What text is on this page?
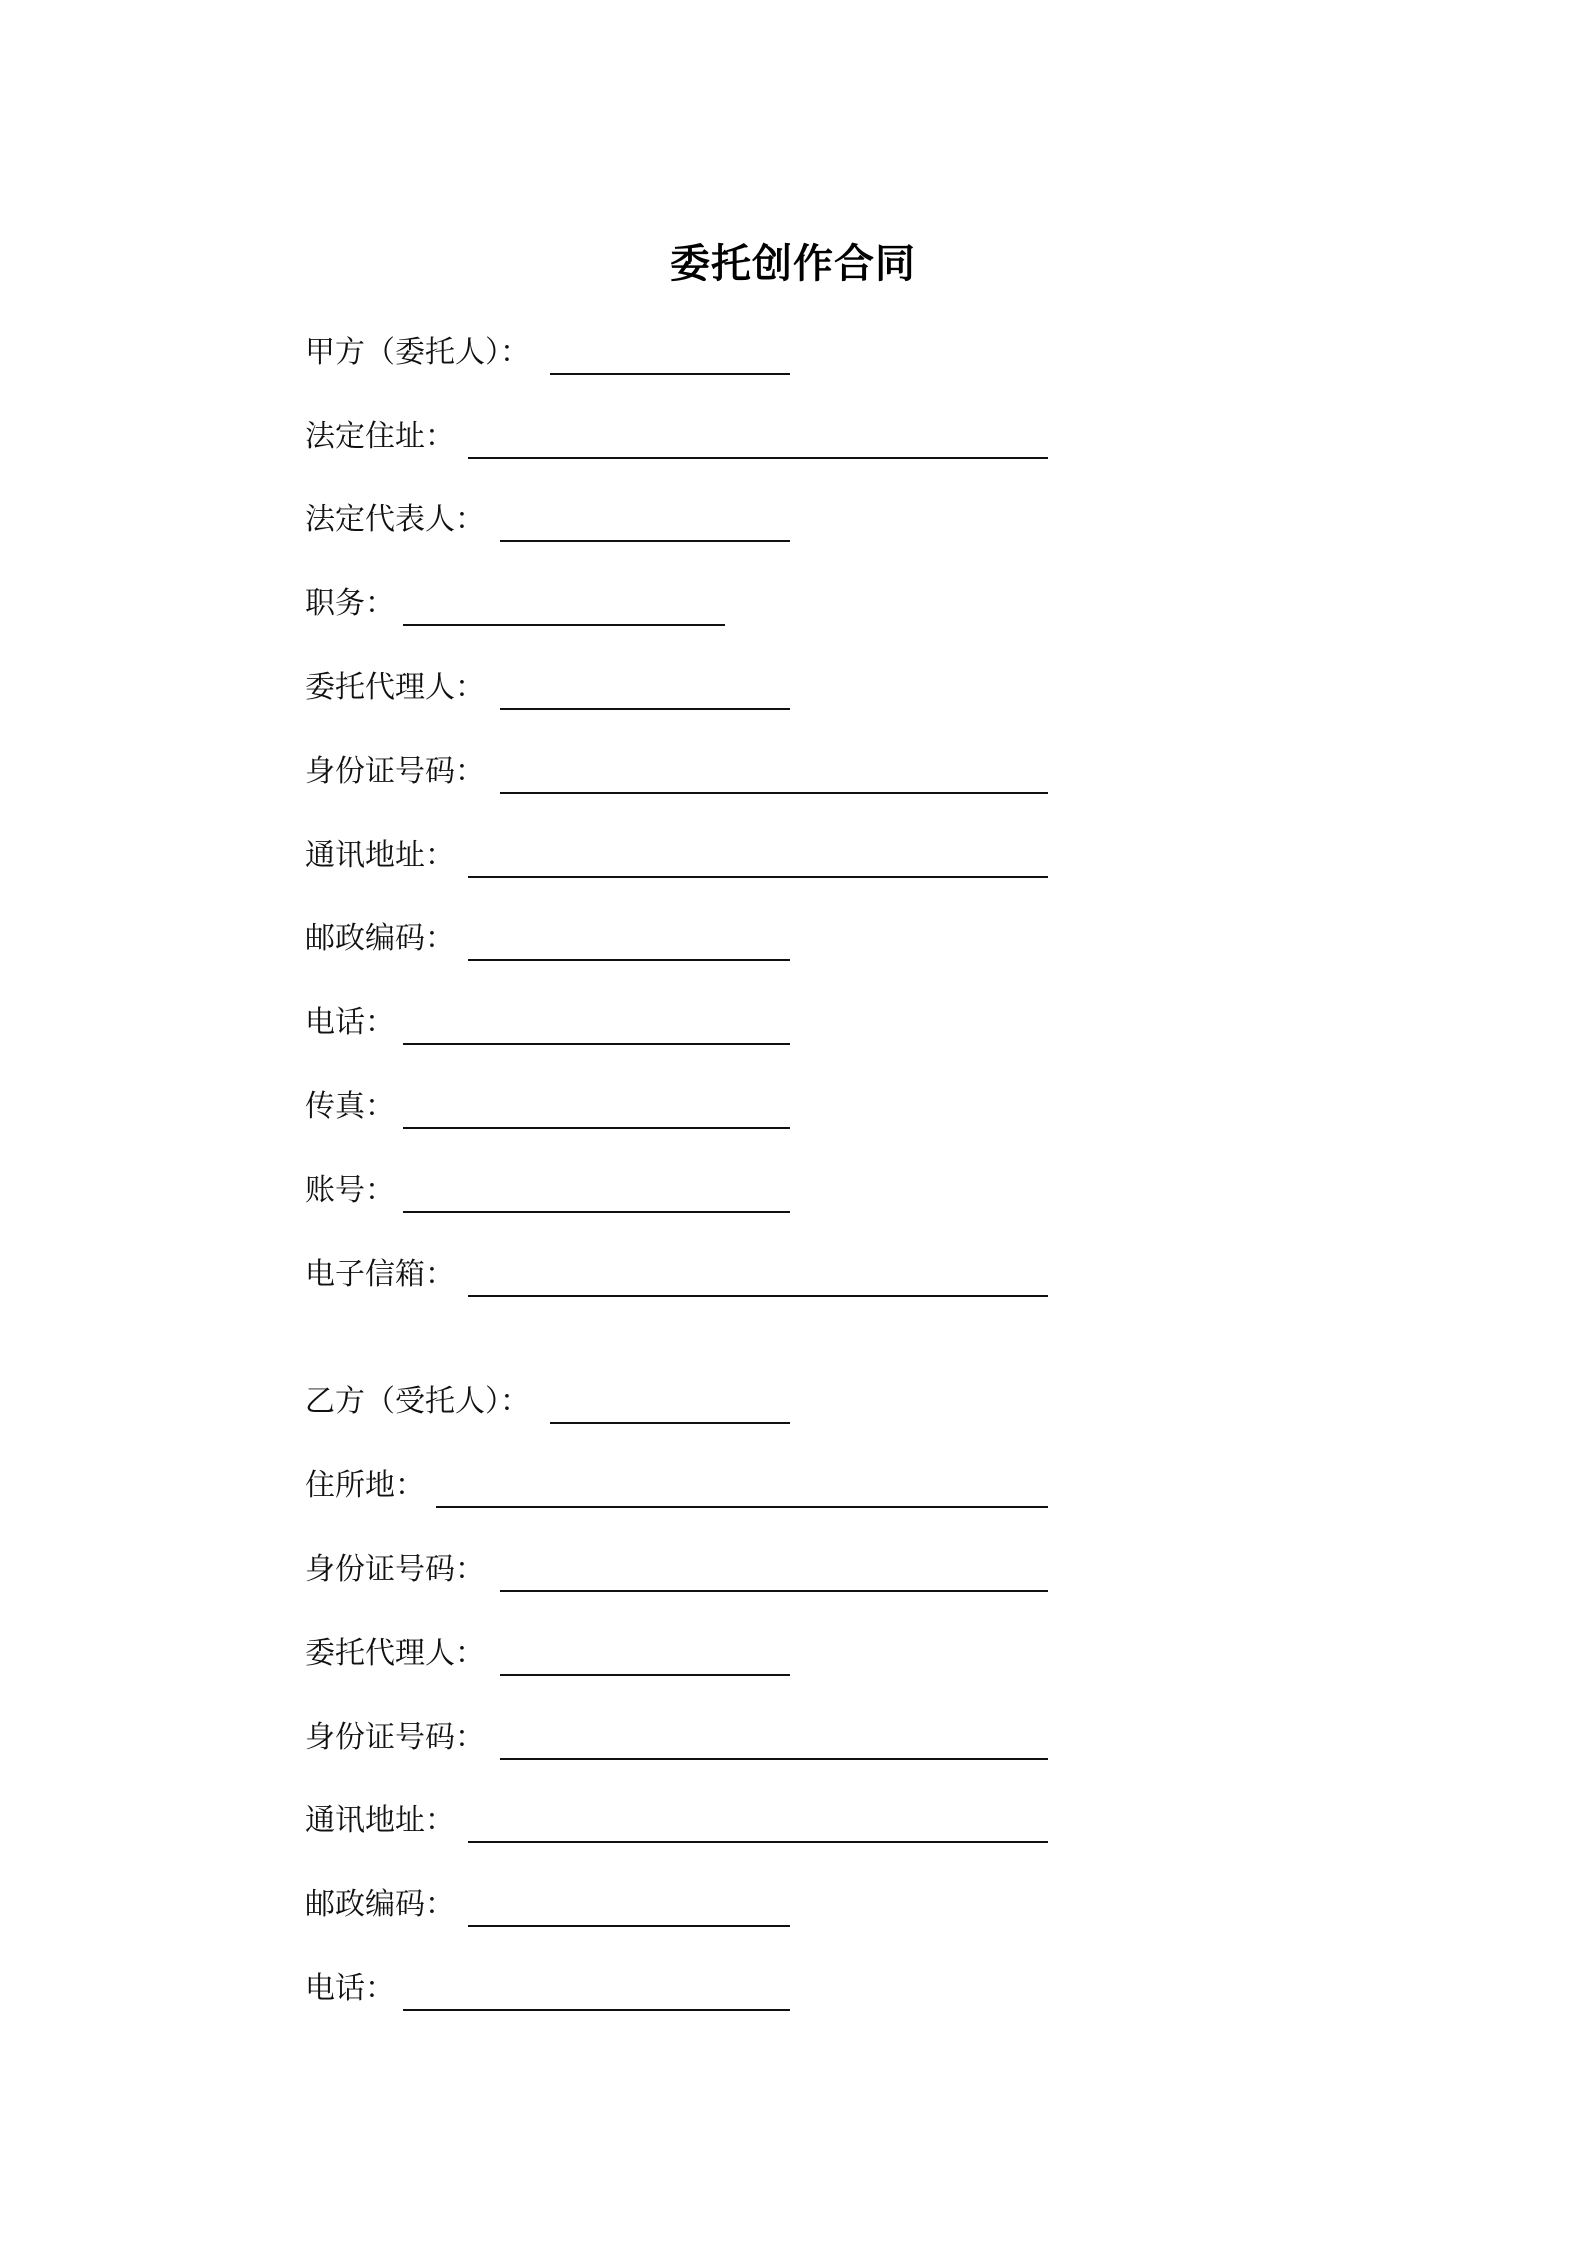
委托创作合同
甲方（委托人）：
法定住址：
法定代表人：
职务：
委托代理人：
身份证号码：
通讯地址：
邮政编码：
电话：
传真：
账号：
电子信箱：
乙方（受托人）：
住所地：
身份证号码：
委托代理人：
身份证号码：
通讯地址：
邮政编码：
电话：
